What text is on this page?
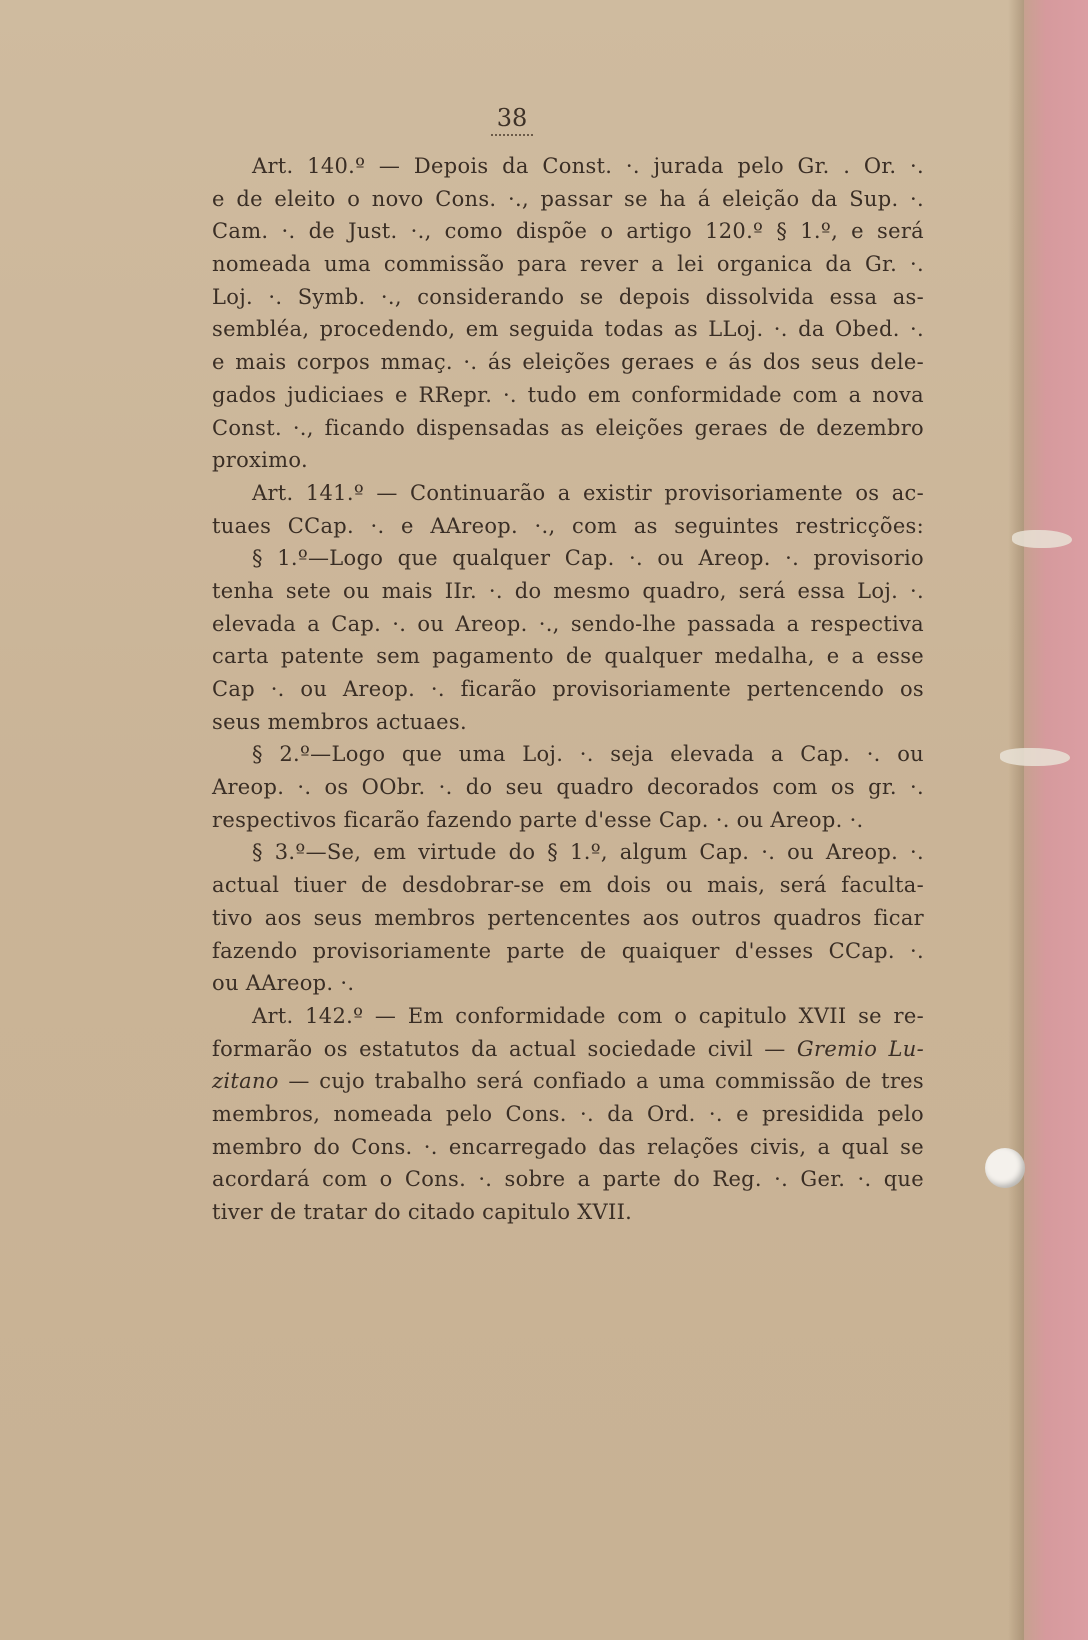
38
Art. 140.º — Depois da Const. ·. jurada pelo Gr. . Or. ·.
e de eleito o novo Cons. ·., passar se ha á eleição da Sup. ·.
Cam. ·. de Just. ·., como dispõe o artigo 120.º § 1.º, e será
nomeada uma commissão para rever a lei organica da Gr. ·.
Loj. ·. Symb. ·., considerando se depois dissolvida essa as-
sembléa, procedendo, em seguida todas as LLoj. ·. da Obed. ·.
e mais corpos mmaç. ·. ás eleições geraes e ás dos seus dele-
gados judiciaes e RRepr. ·. tudo em conformidade com a nova
Const. ·., ficando dispensadas as eleições geraes de dezembro
proximo.
Art. 141.º — Continuarão a existir provisoriamente os ac-
tuaes CCap. ·. e AAreop. ·., com as seguintes restricções:
§ 1.º—Logo que qualquer Cap. ·. ou Areop. ·. provisorio
tenha sete ou mais IIr. ·. do mesmo quadro, será essa Loj. ·.
elevada a Cap. ·. ou Areop. ·., sendo-lhe passada a respectiva
carta patente sem pagamento de qualquer medalha, e a esse
Cap ·. ou Areop. ·. ficarão provisoriamente pertencendo os
seus membros actuaes.
§ 2.º—Logo que uma Loj. ·. seja elevada a Cap. ·. ou
Areop. ·. os OObr. ·. do seu quadro decorados com os gr. ·.
respectivos ficarão fazendo parte d'esse Cap. ·. ou Areop. ·.
§ 3.º—Se, em virtude do § 1.º, algum Cap. ·. ou Areop. ·.
actual tiuer de desdobrar-se em dois ou mais, será faculta-
tivo aos seus membros pertencentes aos outros quadros ficar
fazendo provisoriamente parte de quaiquer d'esses CCap. ·.
ou AAreop. ·.
Art. 142.º — Em conformidade com o capitulo XVII se re-
formarão os estatutos da actual sociedade civil — Gremio Lu-
zitano — cujo trabalho será confiado a uma commissão de tres
membros, nomeada pelo Cons. ·. da Ord. ·. e presidida pelo
membro do Cons. ·. encarregado das relações civis, a qual se
acordará com o Cons. ·. sobre a parte do Reg. ·. Ger. ·. que
tiver de tratar do citado capitulo XVII.
